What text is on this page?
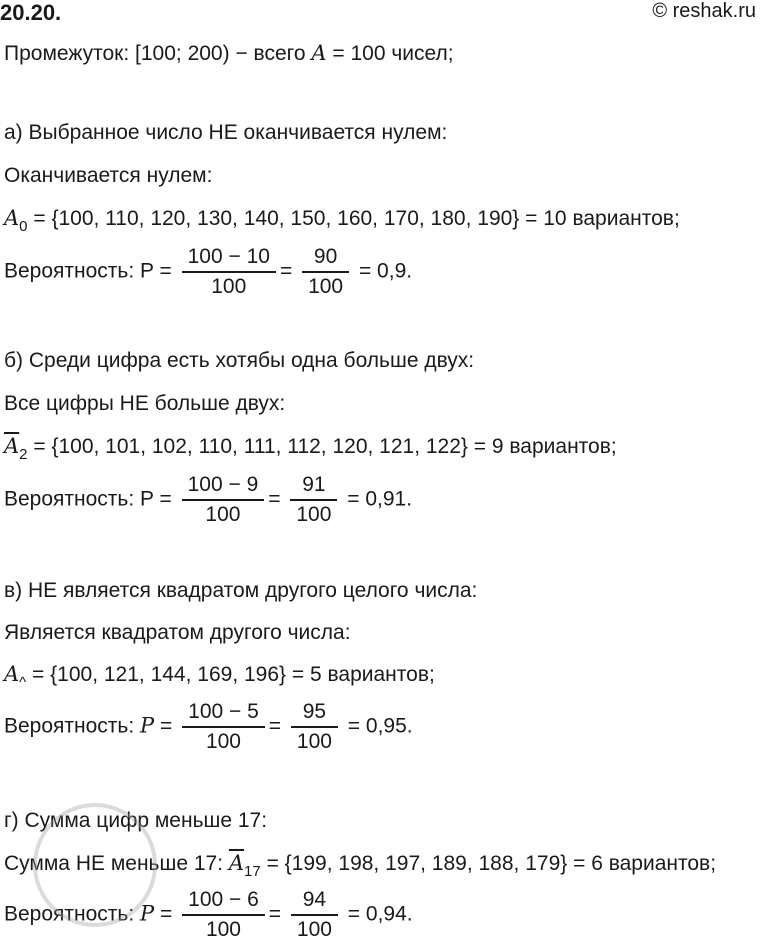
20.20.	© reshak.ru
Промежуток: [100; 200) − всего A = 100 чисел;
а) Выбранное число НЕ оканчивается нулем:
Оканчивается нулем:
$A_0 = \{100$, 110, 120, 130, 140, 150, 160, 170, 180, 190} = 10 вариантов;
Вероятность: $P = \frac{100 - 10}{100} = \frac{90}{100} = 0,9$.
б) Среди цифра есть хотябы одна больше двух:
Все цифры НЕ больше двух:
$\overline{A}_2 = \{100$, 101, 102, 110, 111, 112, 120, 121, 122} = 9 вариантов;
Вероятность: $P = \frac{100 - 9}{100} = \frac{91}{100} = 0,91$.
в) НЕ является квадратом другого целого числа:
Является квадратом другого числа:
$A_{\^{}} = \{100$, 121, 144, 169, 196} = 5 вариантов;
Вероятность: $P = \frac{100 - 5}{100} = \frac{95}{100} = 0,95$.
г) Сумма цифр меньше 17:
Сумма НЕ меньше 17: $\overline{A}_{17} = \{199$, 198, 197, 189, 188, 179} = 6 вариантов;
Вероятность: $P = \frac{100 - 6}{100} = \frac{94}{100} = 0,94$.
